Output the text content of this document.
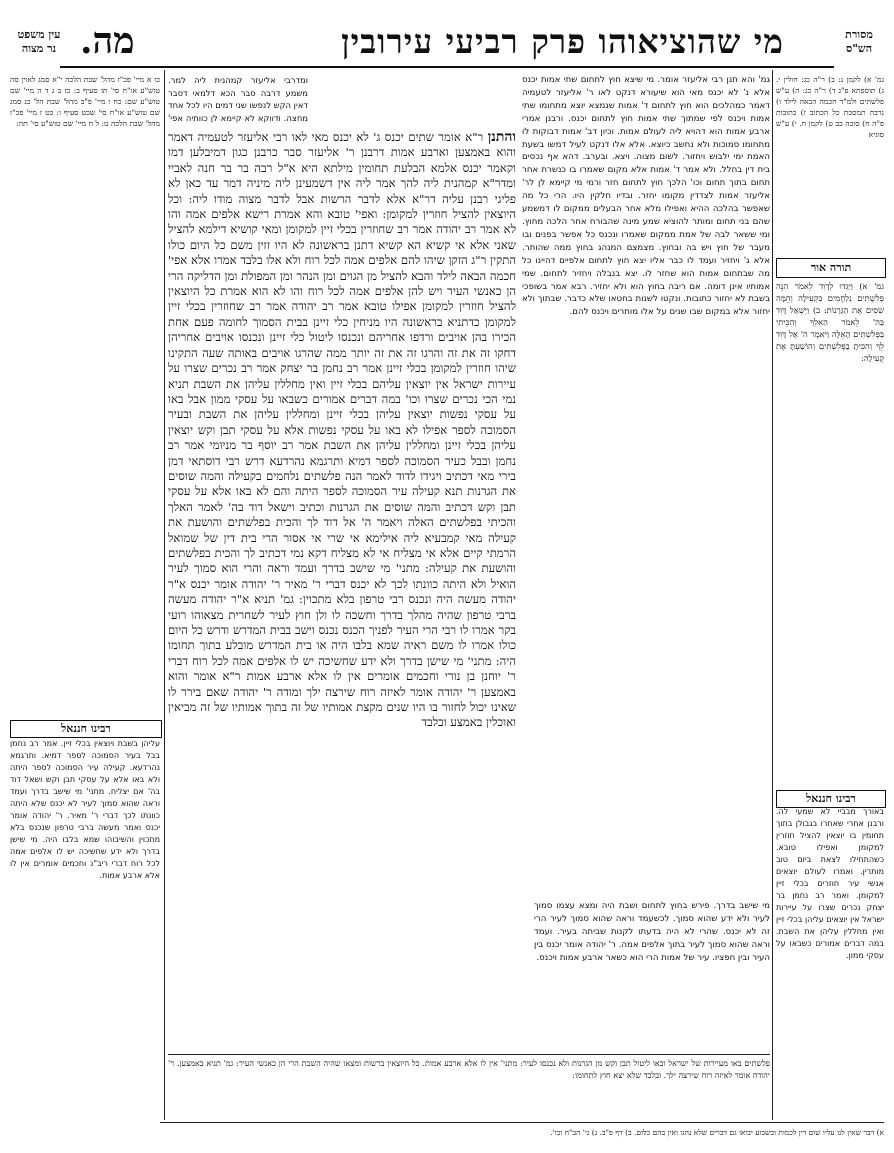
מי שהוציאוהו פרק רביעי עירובין
מה.	מסורת
הש"ס
עין משפט
נר מצוה

גמ' א) לקמן נ: ב) ר"ה כג: חולין י. ג) תוספתא פ"ג ד) ר"ה כג: ה) ע"ש פלשתים ולמ"ד חכמה הבאה לילד ו) נרבה תמסכת כל הכתוב ז) כתובות פ"ה ח) סוכה כב ט) לקמן ח. י) ע"ש סוגיא

תורה אור

גמ' א) וַיַּגִּדוּ לְדָוִד לֵאמֹר הִנֵּה פְלִשְׁתִּים נִלְחָמִים בִּקְעִילָה וְהֵמָּה שֹׁסִים אֶת הַגְּרָנוֹת: ב) וַיִּשְׁאַל דָּוִד בַּה' לֵאמֹר הַאֵלֵךְ וְהִכֵּיתִי בַּפְּלִשְׁתִּים הָאֵלֶּה וַיֹּאמֶר ה' אֶל דָּוִד לֵךְ וְהִכִּיתָ בַפְּלִשְׁתִּים וְהוֹשַׁעְתָּ אֶת קְעִילָה:

כו א מיי' פכ"ז מהל' שבת הלכה י"א סמג לאוין סה טוש"ע או"ח סי' תו סעיף ב: כז ב ג ד ה מיי' שם טוש"ע שם: כח ו מיי' פ"ב מהל' שבת הל' כג סמג שם טוש"ע או"ח סי' שכט סעיף ו: כט ז מיי' פכ"ז מהל' שבת הלכה ט: ל ח מיי' שם טוש"ע סי' תה:

גמ' והא תנן רבי אליעזר אומר. מי שיצא חוץ לתחום שתי אמות יכנס אלא נ' לא יכנס מאי הוא שיעורא דנקט לאו ר' אליעזר לטעמיה דאמר כמהלכים הוא חוץ לתחום ד' אמות שנמצא יוצא מתחומו שתי אמות ויכנס לפי שמתוך שתי אמות חוץ לתחום יכנס. ורבנן אמרי ארבע אמות הוא דהויא ליה לעולם אמות. וכיון דב' אמות דבוקות לו מתחומו סמוכות ולא נחשב כיוצא. אלא אלו דנקט לעיל דמשו בשעת האמת ימי ילבוש ויחזור. לשום מצוה. ויצא. ובערב. דהא אף נכסים בית דין בחלל. ולא אמר ד' אמות אלא מקום שאמרו בו כנשרת אחר תחום בתוך תחום וכו' הלכך חוץ לתחום חזר ורמי מי קיימא לן לר' אליעזר אמות לצדדין מקומו יחזר. ובדיו חלקין היו. הרי כל מה שאפשר בהלכה ההיא ואפילו מלא אחר הבעלים ממקום לו דמשמע שהם בני תחום ומותר להוציא שמע מינה שהבורח אחר הלכה מחוץ. ומי ששאר לבה של אמת ממקום שאמרו ונכנס כל אפשר בפנים ובו מעבר של חוץ ויש בה ובחוץ. מצמצם המנהג בחוץ ממה שהותר. אלא ג' ויחזיר ועמד לו כבר אליו יצא חוץ לתחום אלפיים דהיינו כל מה שבתחום אמות הוא שחזר לו. יצא בנבלה ויחזיר לתחום. שמי אמותיו אינן דומה. אם ריבה בחוץ הוא ולא יחזיר. רבא אמר בשופכי בשבת לא יחזור כתובות. ונקטו לשנות בחטאו שלא כדבר. שבתוך ולא יחזור אלא במקום שבו שנים על אלו מותרים ויכנס להם.

ומדרבי אליעזר קמהנית ליה למר. משמע דרבה סבר הכא דלמאי דסבר דאין הקש לנפשו שני דמים היו לכל אחד מחצה. ודווקא לא קיימא לן כוותיה אפי'

והתנן ר"א אומר שתים יכנס ג' לא יכנס מאי לאו רבי אליעזר לטעמיה דאמר והוא באמצען וארבע אמות דרבנן ר' אליעזר סבר כרבנן כגון דמיבלען דמו וקאמר יכנס אלמא הבלעת תחומין מילתא היא א"ל רבה בר בר חנה לאביי ומדר"א קמהנית ליה להך אמר ליה אין דשמעינן ליה מיניה דמר עד כאן לא פליגי רבנן עליה דר"א אלא לדבר הרשות אבל לדבר מצוה מודו ליה: וכל היוצאין להציל חוזרין למקומן: ואפי' טובא והא אמרת רישא אלפים אמה והו לא אמר רב יהודה אמר רב שחוזרין בכלי זיין למקומן ומאי קושיא דילמא להציל שאני אלא אי קשיא הא קשיא דתנן בראשונה לא היו זזין משם כל היום כולו התקין ר"ג הזקן שיהו להם אלפים אמה לכל רוח ולא אלו בלבד אמרו אלא אפי' חכמה הבאה לילד והבא להציל מן הגוים ומן הנהר ומן המפולת ומן הדליקה הרי הן כאנשי העיר ויש להן אלפים אמה לכל רוח והו לא הוא אמרת כל היוצאין להציל חוזרין למקומן אפילו טובא אמר רב יהודה אמר רב שחוזרין בכלי זיין למקומן כדתניא בראשונה היו מניחין כלי זיינן בבית הסמוך לחומה פעם אחת הכירו בהן אויבים ורדפו אחריהם ונכנסו ליטול כלי זיינן ונכנסו אויבים אחריהן דחקו זה את זה והרגו זה את זה יותר ממה שהרגו אויבים באותה שעה התקינו שיהו חוזרין למקומן בכלי זיינן אמר רב נחמן בר יצחק אמר רב נכרים שצרו על עיירות ישראל אין יוצאין עליהם בכלי זיין ואין מחללין עליהן את השבת תניא נמי הכי נכרים שצרו וכו' במה דברים אמורים כשבאו על עסקי ממון אבל באו על עסקי נפשות יוצאין עליהן בכלי זיינן ומחללין עליהן את השבת ובעיר הסמוכה לספר אפילו לא באו על עסקי נפשות אלא על עסקי תבן וקש יוצאין עליהן בכלי זיינן ומחללין עליהן את השבת אמר רב יוסף בר מניומי אמר רב נחמן ובבל כעיר הסמוכה לספר דמיא ותרגמא נהרדעא דרש רבי דוסתאי דמן בירי מאי דכתיב ויגידו לדוד לאמר הנה פלשתים נלחמים בקעילה והמה שוסים את הגרנות תנא קעילה עיר הסמוכה לספר היתה והם לא באו אלא על עסקי תבן וקש דכתיב והמה שוסים את הגרנות וכתיב וישאל דוד בה' לאמר האלך והכיתי בפלשתים האלה ויאמר ה' אל דוד לך והכית בפלשתים והושעת את קעילה מאי קמבעיא ליה אילימא אי שרי אי אסור הרי בית דין של שמואל הרמתי קיים אלא אי מצליח אי לא מצליח דקא נמי דכתיב לך והכית בפלשתים והושעת את קעילה: מתני' מי שישב בדרך ועמד וראה והרי הוא סמוך לעיר הואיל ולא היתה כוונתו לכך לא יכנס דברי ר' מאיר ר' יהודה אומר יכנס א"ר יהודה מעשה היה ונכנס רבי טרפון בלא מתכוין: גמ' תניא א"ר יהודה מעשה ברבי טרפון שהיה מהלך בדרך וחשכה לו ולן חוץ לעיר לשחרית מצאוהו רועי בקר אמרו לו רבי הרי העיר לפניך הכנס נכנס וישב בבית המדרש ודרש כל היום כולו אמרו לו משם ראיה שמא בלבו היה או בית המדרש מובלע בתוך תחומו היה: מתני' מי שישן בדרך ולא ידע שחשיכה יש לו אלפים אמה לכל רוח דברי ר' יוחנן בן נורי וחכמים אומרים אין לו אלא ארבע אמות ר"א אומר והוא באמצען ר' יהודה אומר לאיזה רוח שירצה ילך ומודה ר' יהודה שאם בירר לו שאינו יכול לחזור בו היו שנים מקצת אמותיו של זה בתוך אמותיו של זה מביאין ואוכלין באמצע ובלבד

מי שישב בדרך. פירש בחוץ לתחום ושבת היה ומצא עצמו סמוך לעיר ולא ידע שהוא סמוך. לכשעמד וראה שהוא סמוך לעיר הרי זה לא יכנס. שהרי לא היה בדעתו לקנות שביתה בעיר. ועמד וראה שהוא סמוך לעיר בתוך אלפים אמה. ר' יהודה אומר יכנס בין העיר ובין חפציו. עיר של אמות הרי הוא כשאר ארבע אמות ויכנס.

רבינו חננאל

עליהן בשבת ויוצאין בכלי זיין. אמר רב נחמן בבל בעיר הסמוכה לספר דמיא. ותרגמא נהרדעא. קעילה עיר הסמוכה לספר היתה ולא באו אלא על עסקי תבן וקש ושאל דוד בה' אם יצליח. מתני' מי שישב בדרך ועמד וראה שהוא סמוך לעיר לא יכנס שלא היתה כוונתו לכך דברי ר' מאיר. ר' יהודה אומר יכנס ואמר מעשה ברבי טרפון שנכנס בלא מתכוין והשיבוהו שמא בלבו היה. מי שישן בדרך ולא ידע שחשיכה יש לו אלפים אמה לכל רוח דברי ריב"נ וחכמים אומרים אין לו אלא ארבע אמות.

רבינו חננאל

באורך מבביי לא שמעי לה. ורבנן אחרי שאחרו בגבולן בתוך תחומין בו יוצאין להציל חוזרין למקומן ואפילו טובא. כשהתחילו לצאת ביום טוב מותרין. ואמרו לעולם יוצאים אנשי עיר חוזרים בכלי זיין למקומן. ואמר רב נחמן בר יצחק נכרים שצרו על עיירות ישראל אין יוצאים עליהן בכלי זיין ואין מחללין עליהן את השבת. במה דברים אמורים כשבאו על עסקי ממון.

פלשתים באו מעיירות של ישראל ובאו ליטול תבן וקש מן הגרנות ולא נכנסו לעיר: מתני' אין לו אלא ארבע אמות. כל היוצאין ברשות ומצאו שהיה השבת הרי הן כאנשי העיר: גמ' תניא באמצען. ר' יהודה אומר לאיזה רוח שירצה ילך. ובלבד שלא יצא חוץ לתחומו:

א) דבר שאין לנו עליו שום דין לכמות ובשבוע יבואו גם דברים שלא נהגו ואין בהם כלום. ב) דף פ"ב. ג) גי' הב"ח וכו'.
